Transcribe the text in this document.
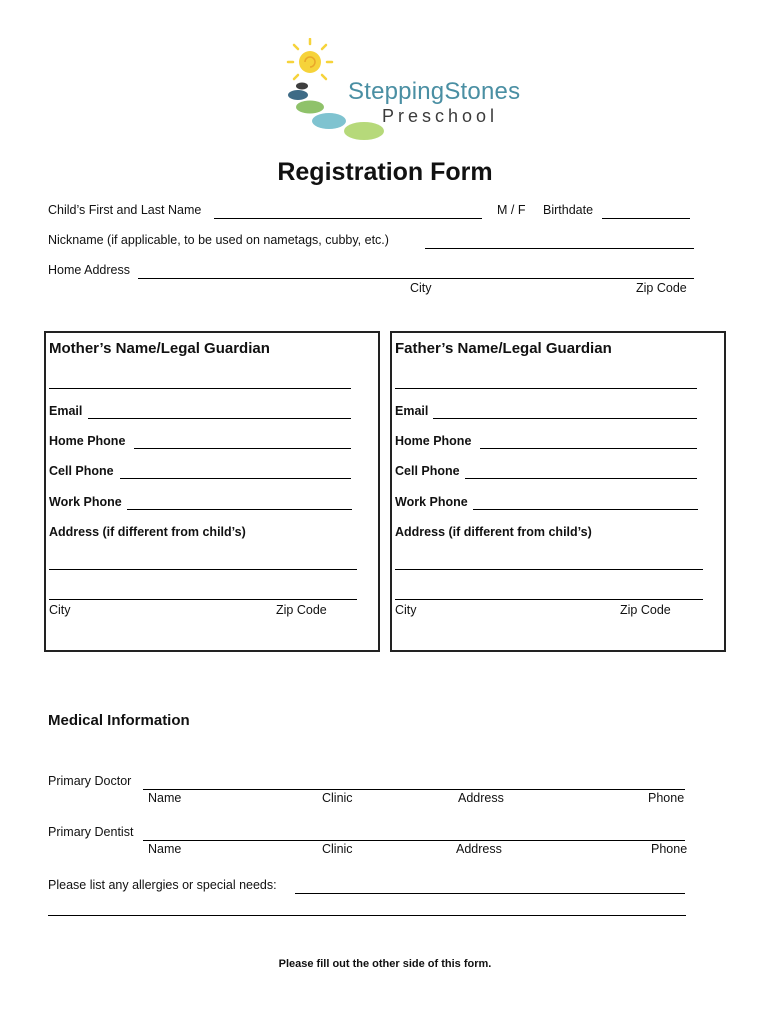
SteppingStones
Preschool
Registration Form
Child’s First and Last Name	M / F Birthdate
Nickname (if applicable, to be used on nametags, cubby, etc.)
Home Address
City	Zip Code
Mother’s Name/Legal Guardian
Email
Home Phone
Cell Phone
Work Phone
Address (if different from child’s)
City	Zip Code
Father’s Name/Legal Guardian
Email
Home Phone
Cell Phone
Work Phone
Address (if different from child’s)
City	Zip Code
Medical Information
Primary Doctor
Name	Clinic	Address	Phone
Primary Dentist
Name	Clinic	Address	Phone
Please list any allergies or special needs:
Please fill out the other side of this form.
